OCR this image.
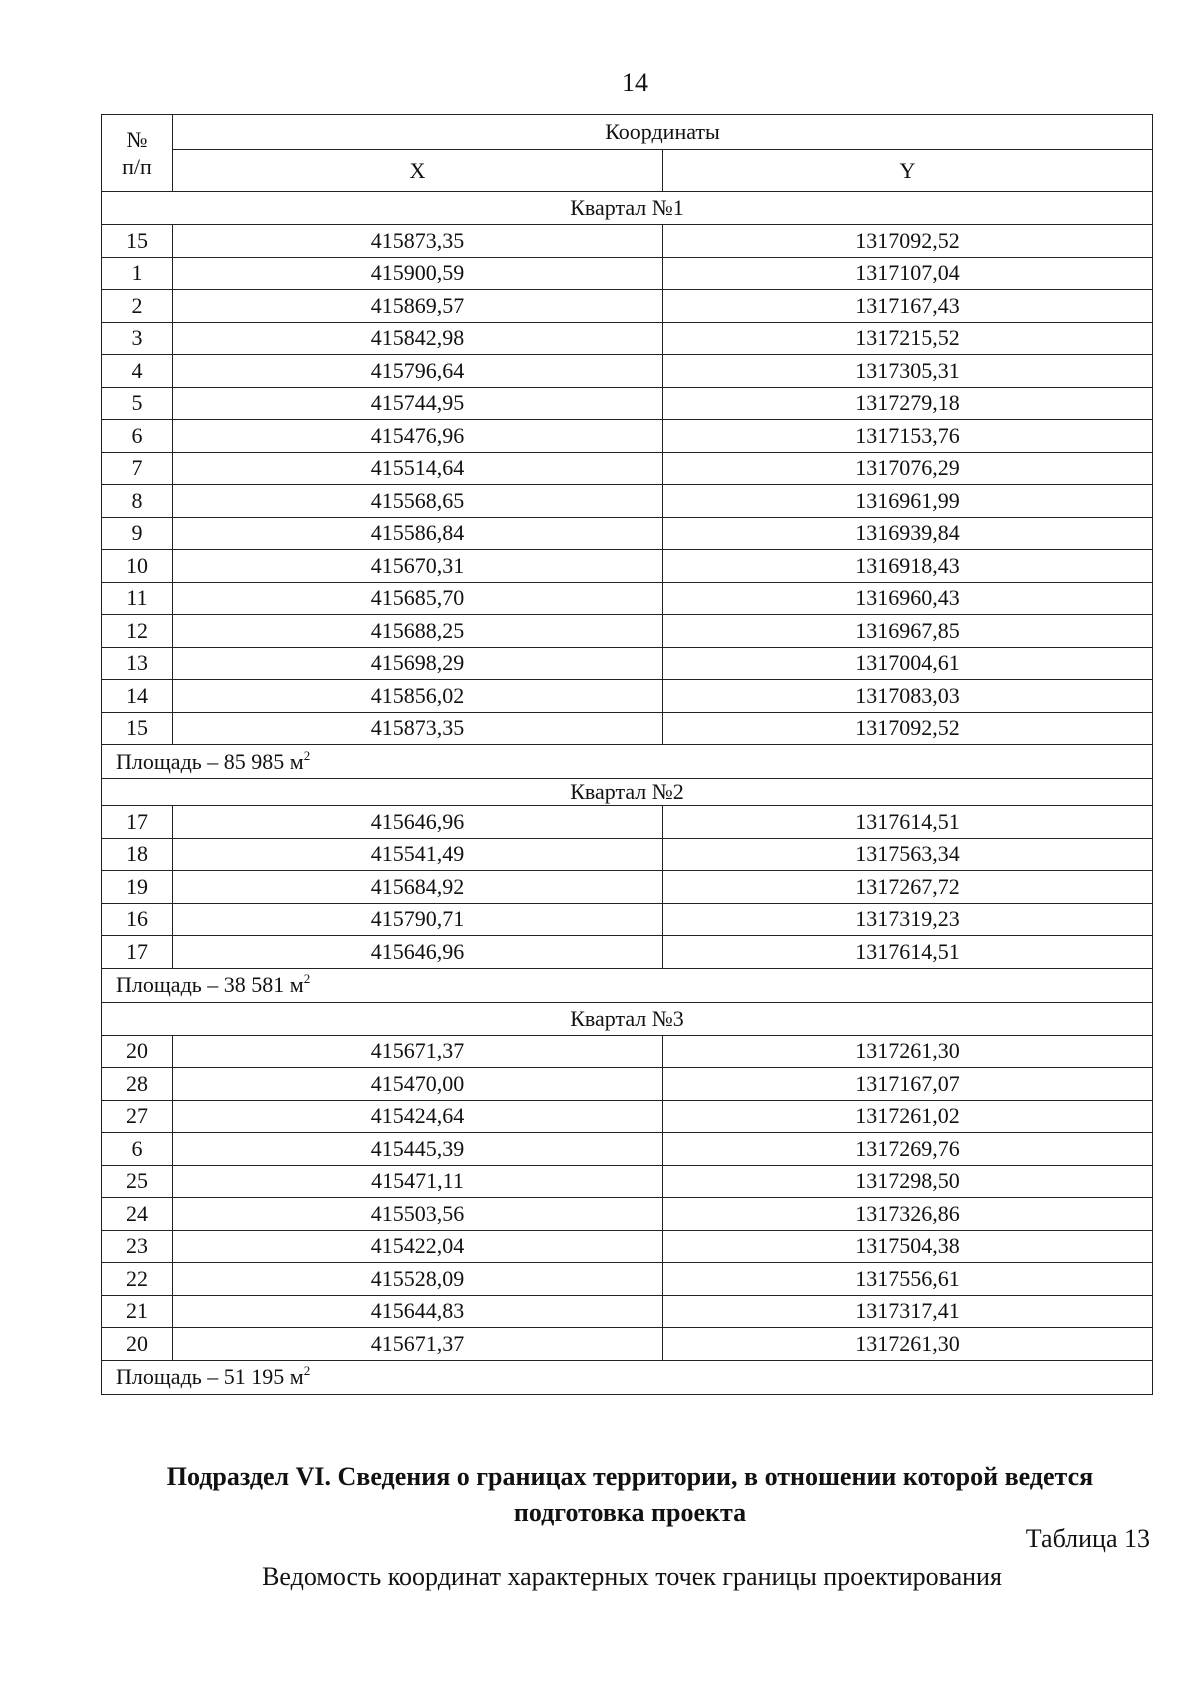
14
№
п/п	Координаты	
	X	Y
Квартал №1		
15	415873,35	1317092,52
1	415900,59	1317107,04
2	415869,57	1317167,43
3	415842,98	1317215,52
4	415796,64	1317305,31
5	415744,95	1317279,18
6	415476,96	1317153,76
7	415514,64	1317076,29
8	415568,65	1316961,99
9	415586,84	1316939,84
10	415670,31	1316918,43
11	415685,70	1316960,43
12	415688,25	1316967,85
13	415698,29	1317004,61
14	415856,02	1317083,03
15	415873,35	1317092,52
Площадь – 85 985 $м^2$
Квартал №2		
17	415646,96	1317614,51
18	415541,49	1317563,34
19	415684,92	1317267,72
16	415790,71	1317319,23
17	415646,96	1317614,51
Площадь – 38 581 $м^2$
Квартал №3		
20	415671,37	1317261,30
28	415470,00	1317167,07
27	415424,64	1317261,02
6	415445,39	1317269,76
25	415471,11	1317298,50
24	415503,56	1317326,86
23	415422,04	1317504,38
22	415528,09	1317556,61
21	415644,83	1317317,41
20	415671,37	1317261,30
Площадь – 51 195 $м^2$
Подраздел VI. Сведения о границах территории, в отношении которой ведется подготовка проекта
Таблица 13
Ведомость координат характерных точек границы проектирования
